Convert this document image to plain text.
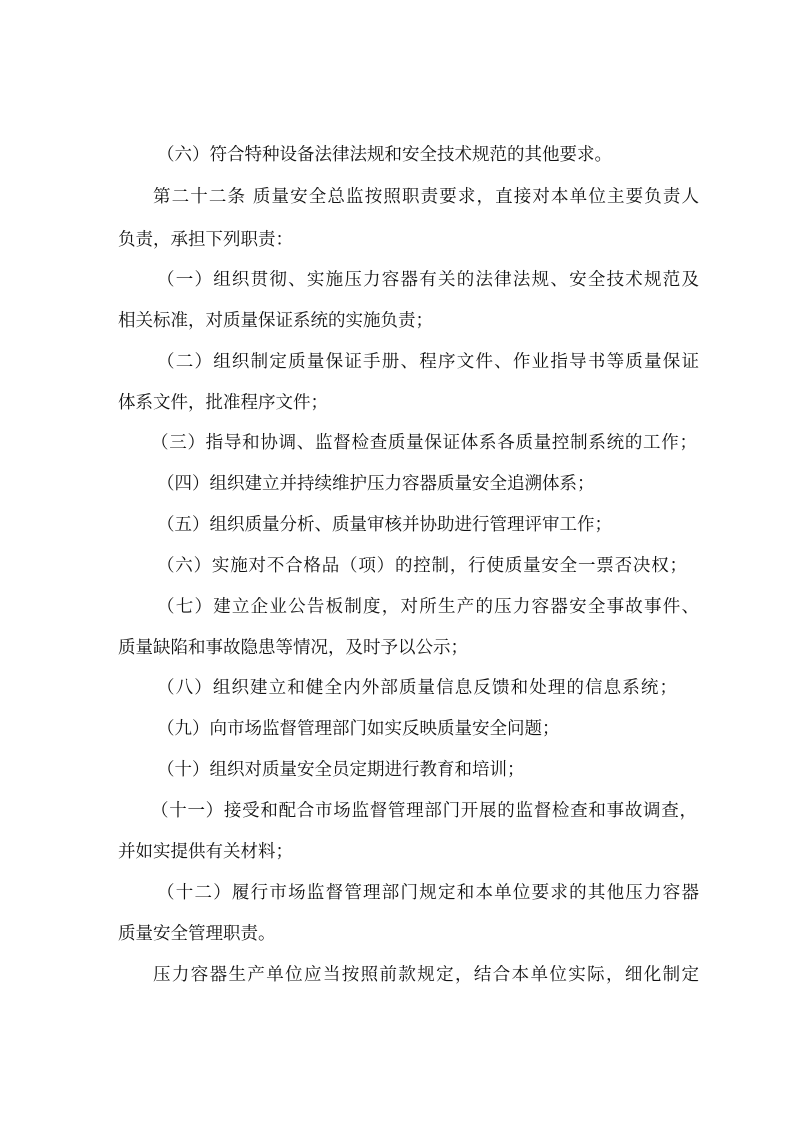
（六）符合特种设备法律法规和安全技术规范的其他要求。
第二十二条 质量安全总监按照职责要求，直接对本单位主要负责人
负责，承担下列职责：
（一）组织贯彻、实施压力容器有关的法律法规、安全技术规范及
相关标准，对质量保证系统的实施负责；
（二）组织制定质量保证手册、程序文件、作业指导书等质量保证
体系文件，批准程序文件；
（三）指导和协调、监督检查质量保证体系各质量控制系统的工作；
（四）组织建立并持续维护压力容器质量安全追溯体系；
（五）组织质量分析、质量审核并协助进行管理评审工作；
（六）实施对不合格品（项）的控制，行使质量安全一票否决权；
（七）建立企业公告板制度，对所生产的压力容器安全事故事件、
质量缺陷和事故隐患等情况，及时予以公示；
（八）组织建立和健全内外部质量信息反馈和处理的信息系统；
（九）向市场监督管理部门如实反映质量安全问题；
（十）组织对质量安全员定期进行教育和培训；
（十一）接受和配合市场监督管理部门开展的监督检查和事故调查，
并如实提供有关材料；
（十二）履行市场监督管理部门规定和本单位要求的其他压力容器
质量安全管理职责。
压力容器生产单位应当按照前款规定，结合本单位实际，细化制定
